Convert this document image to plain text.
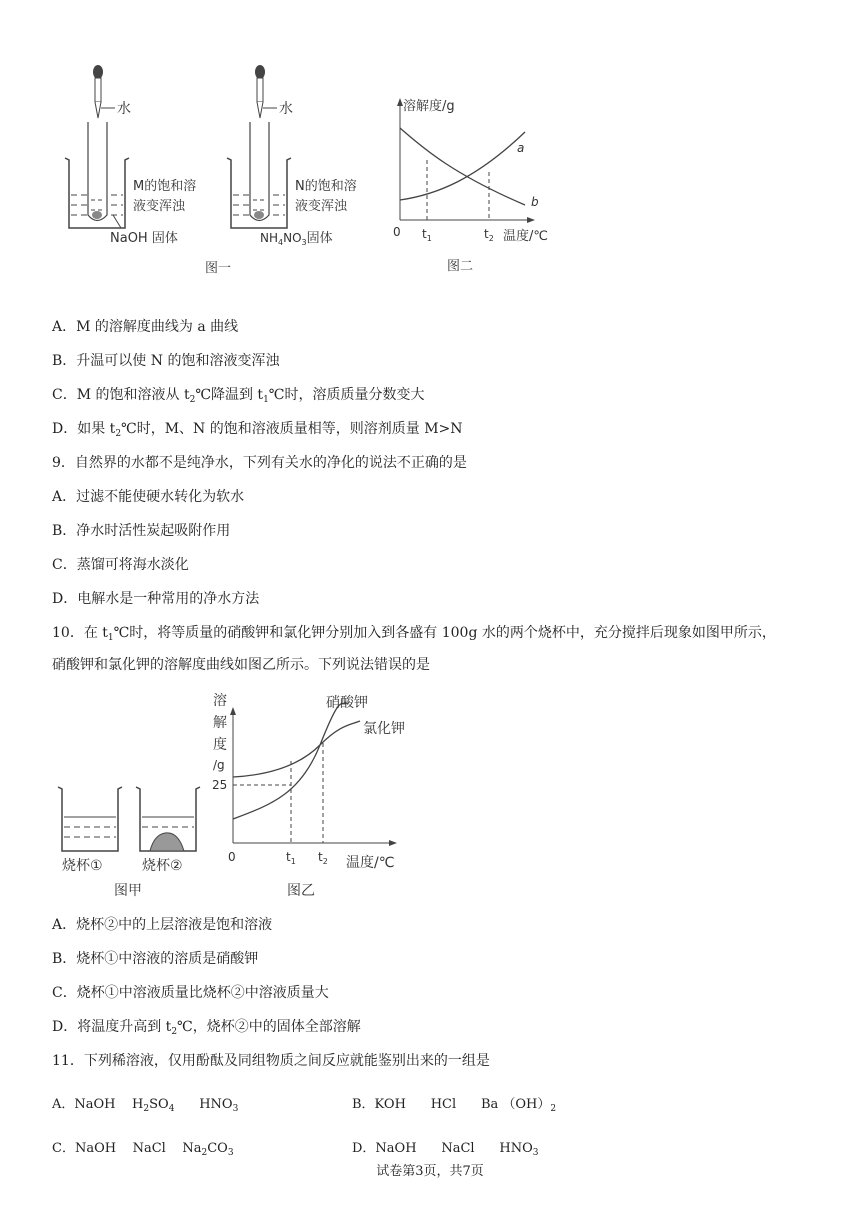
水
M的饱和溶
液变浑浊
NaOH 固体
图一
水
N的饱和溶
液变浑浊
$NH_4NO_3$固体
溶解度/g
a
b
0 $t_1$	$t_2$ 温度/℃
图二
A．M 的溶解度曲线为 a 曲线
B．升温可以使 N 的饱和溶液变浑浊
C．M 的饱和溶液从 $t_2℃$降温到 $t_1℃$时，溶质质量分数变大
D．如果 $t_2℃$时，M、N 的饱和溶液质量相等，则溶剂质量 M>N
9．自然界的水都不是纯净水，下列有关水的净化的说法不正确的是
A．过滤不能使硬水转化为软水
B．净水时活性炭起吸附作用
C．蒸馏可将海水淡化
D．电解水是一种常用的净水方法
10．在 $t_1℃$时，将等质量的硝酸钾和氯化钾分别加入到各盛有 100g 水的两个烧杯中，充分搅拌后现象如图甲所示，
硝酸钾和氯化钾的溶解度曲线如图乙所示。下列说法错误的是
烧杯①	烧杯②
图甲
溶
解
度
/g
25
硝酸钾
氯化钾
0	$t_1$ $t_2$ 温度/℃
图乙
A．烧杯②中的上层溶液是饱和溶液
B．烧杯①中溶液的溶质是硝酸钾
C．烧杯①中溶液质量比烧杯②中溶液质量大
D．将温度升高到 $t_2℃$，烧杯②中的固体全部溶解
11．下列稀溶液，仅用酚酞及同组物质之间反应就能鉴别出来的一组是
A．NaOH    $H_2SO_4$      $HNO_3$	B．KOH      HCl      Ba $(OH)_2$
C．NaOH    NaCl    $Na_2CO_3$	D．NaOH      NaCl      $HNO_3$
试卷第3页，共7页
